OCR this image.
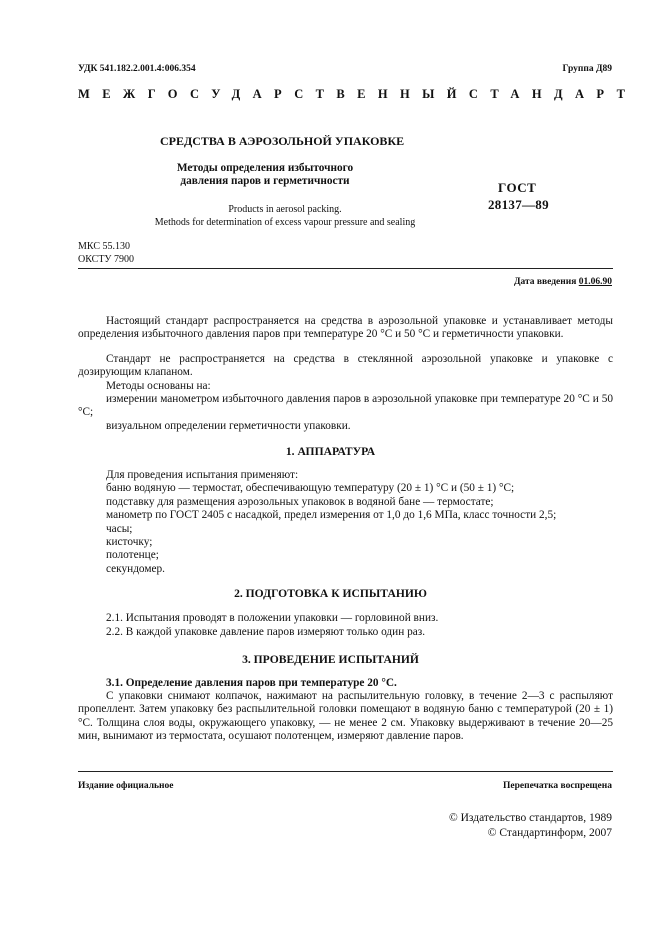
УДК 541.182.2.001.4:006.354	Группа Д89
МЕЖГОСУДАРСТВЕННЫЙ СТАНДАРТ
СРЕДСТВА В АЭРОЗОЛЬНОЙ УПАКОВКЕ
Методы определения избыточного давления паров и герметичности	ГОСТ
28137—89
Products in aerosol packing.
Methods for determination of excess vapour pressure and sealing
МКС 55.130
ОКСТУ 7900
Дата введения 01.06.90
Настоящий стандарт распространяется на средства в аэрозольной упаковке и устанавливает методы определения избыточного давления паров при температуре 20 °С и 50 °С и герметичности упаковки.
Стандарт не распространяется на средства в стеклянной аэрозольной упаковке и упаковке с дозирующим клапаном.
Методы основаны на:
измерении манометром избыточного давления паров в аэрозольной упаковке при температуре 20 °С и 50 °С;
визуальном определении герметичности упаковки.
1. АППАРАТУРА
Для проведения испытания применяют:
баню водяную — термостат, обеспечивающую температуру (20 ± 1) °С и (50 ± 1) °С;
подставку для размещения аэрозольных упаковок в водяной бане — термостате;
манометр по ГОСТ 2405 с насадкой, предел измерения от 1,0 до 1,6 МПа, класс точности 2,5;
часы;
кисточку;
полотенце;
секундомер.
2. ПОДГОТОВКА К ИСПЫТАНИЮ
2.1. Испытания проводят в положении упаковки — горловиной вниз.
2.2. В каждой упаковке давление паров измеряют только один раз.
3. ПРОВЕДЕНИЕ ИСПЫТАНИЙ
3.1. Определение давления паров при температуре 20 °С.
С упаковки снимают колпачок, нажимают на распылительную головку, в течение 2—3 с распыляют пропеллент. Затем упаковку без распылительной головки помещают в водяную баню с температурой (20 ± 1) °С. Толщина слоя воды, окружающего упаковку, — не менее 2 см. Упаковку выдерживают в течение 20—25 мин, вынимают из термостата, осушают полотенцем, измеряют давление паров.
Издание официальное	Перепечатка воспрещена
© Издательство стандартов, 1989
© Стандартинформ, 2007
